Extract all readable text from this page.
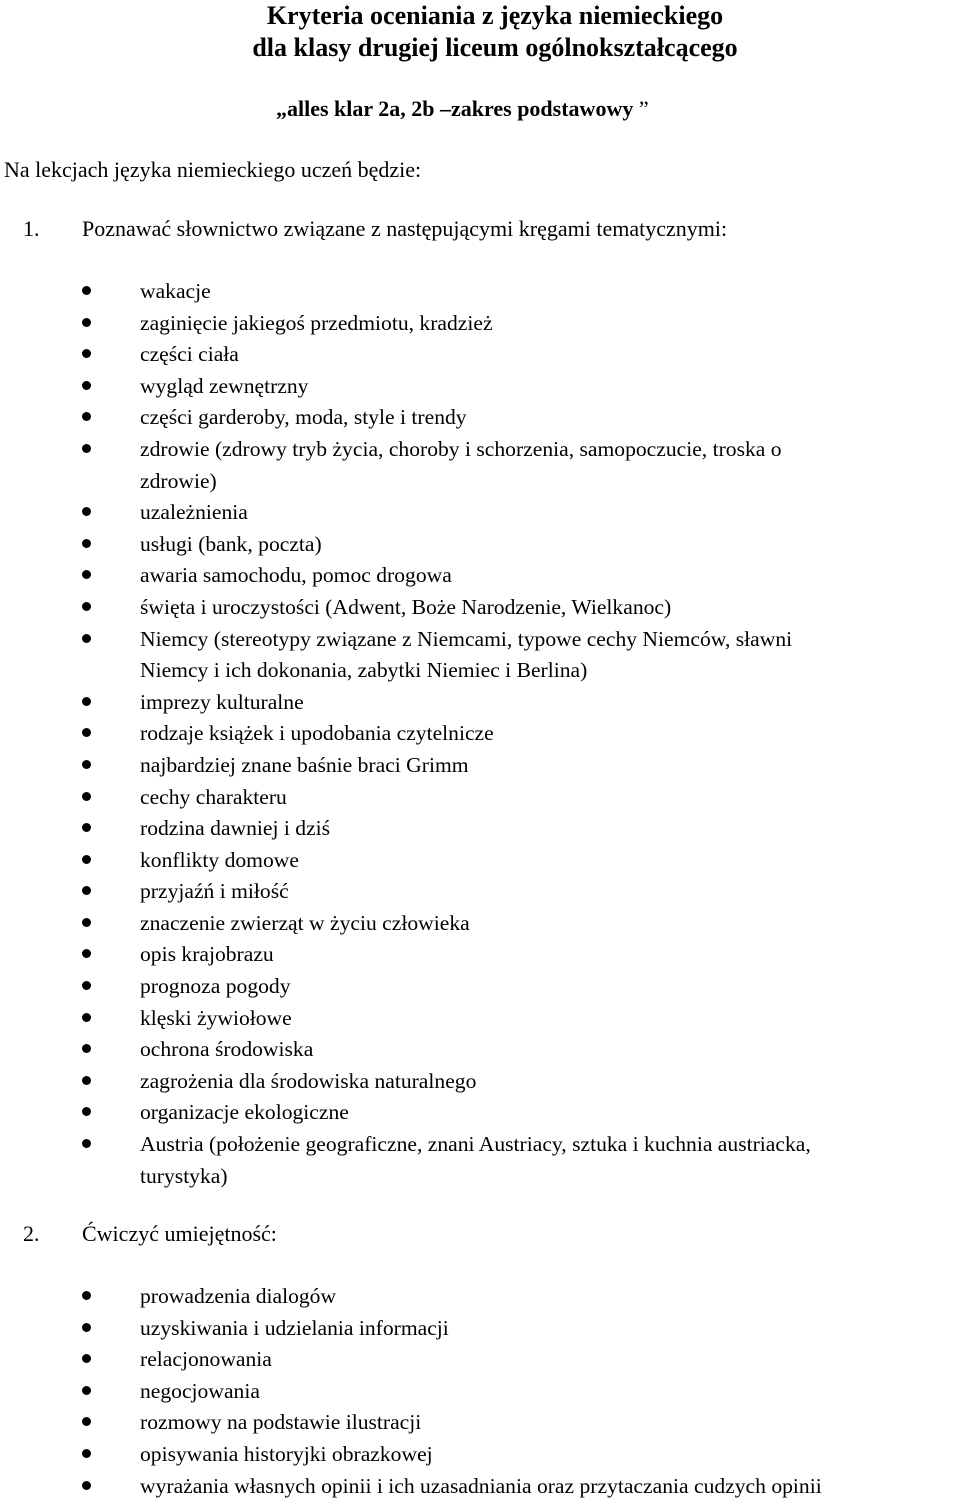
Kryteria oceniania z języka niemieckiego
dla klasy drugiej liceum ogólnokształcącego

„alles klar 2a, 2b –zakres podstawowy ”

Na lekcjach języka niemieckiego uczeń będzie:

1. Poznawać słownictwo związane z następującymi kręgami tematycznymi:
wakacje
zaginięcie jakiegoś przedmiotu, kradzież
części ciała
wygląd zewnętrzny
części garderoby, moda, style i trendy
zdrowie (zdrowy tryb życia, choroby i schorzenia, samopoczucie, troska o
zdrowie)
uzależnienia
usługi (bank, poczta)
awaria samochodu, pomoc drogowa
święta i uroczystości (Adwent, Boże Narodzenie, Wielkanoc)
Niemcy (stereotypy związane z Niemcami, typowe cechy Niemców, sławni
Niemcy i ich dokonania, zabytki Niemiec i Berlina)
imprezy kulturalne
rodzaje książek i upodobania czytelnicze
najbardziej znane baśnie braci Grimm
cechy charakteru
rodzina dawniej i dziś
konflikty domowe
przyjaźń i miłość
znaczenie zwierząt w życiu człowieka
opis krajobrazu
prognoza pogody
klęski żywiołowe
ochrona środowiska
zagrożenia dla środowiska naturalnego
organizacje ekologiczne
Austria (położenie geograficzne, znani Austriacy, sztuka i kuchnia austriacka,
turystyka)
2. Ćwiczyć umiejętność:
prowadzenia dialogów
uzyskiwania i udzielania informacji
relacjonowania
negocjowania
rozmowy na podstawie ilustracji
opisywania historyjki obrazkowej
wyrażania własnych opinii i ich uzasadniania oraz przytaczania cudzych opinii
